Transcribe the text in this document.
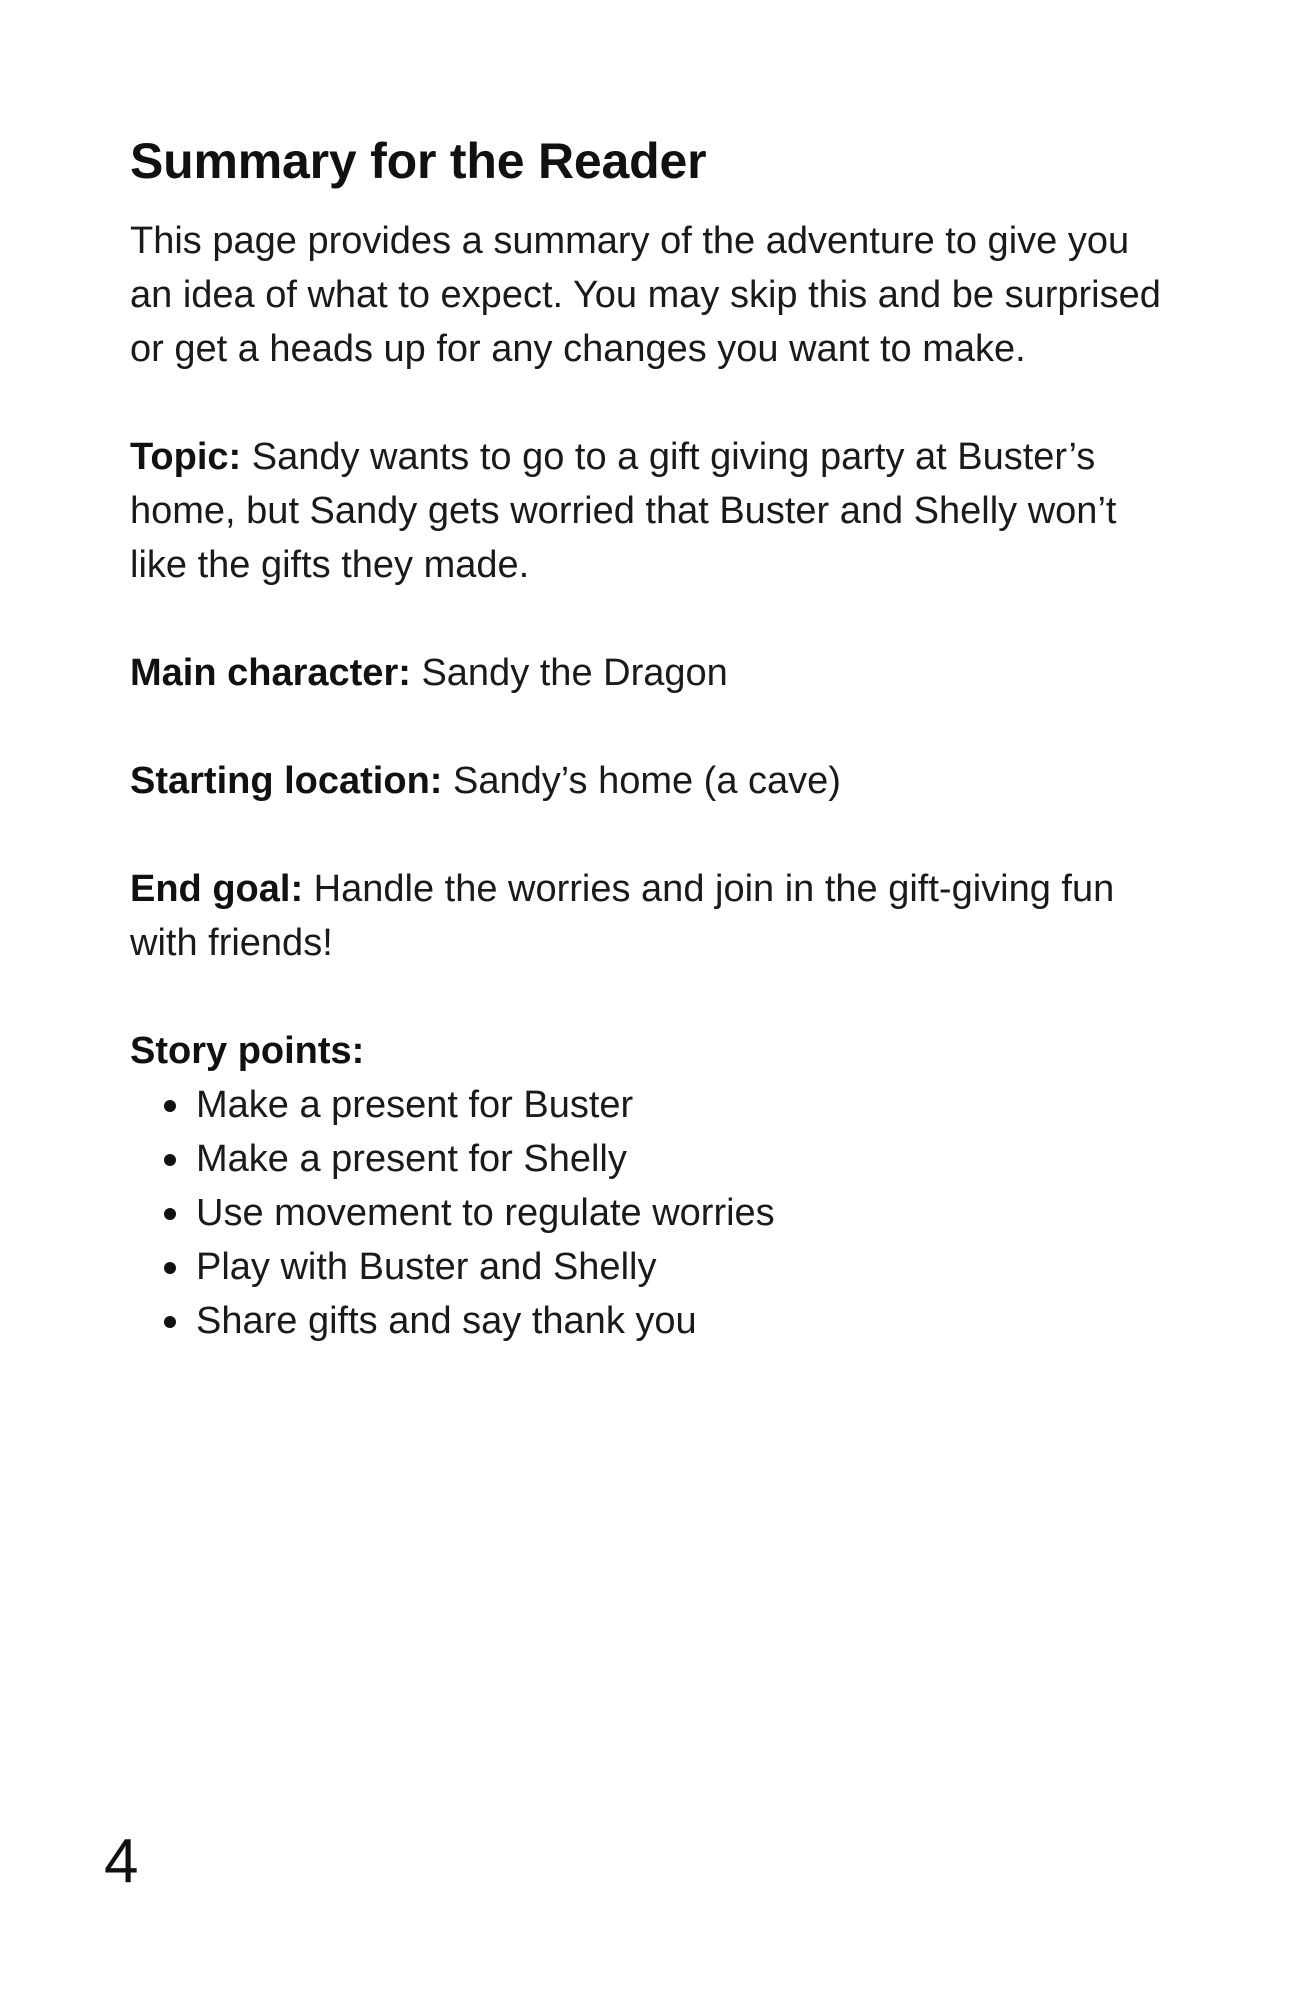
Summary for the Reader

This page provides a summary of the adventure to give you an idea of what to expect. You may skip this and be surprised or get a heads up for any changes you want to make.

Topic: Sandy wants to go to a gift giving party at Buster’s home, but Sandy gets worried that Buster and Shelly won’t like the gifts they made.

Main character: Sandy the Dragon

Starting location: Sandy’s home (a cave)

End goal: Handle the worries and join in the gift-giving fun with friends!

Story points:

Make a present for Buster
Make a present for Shelly
Use movement to regulate worries
Play with Buster and Shelly
Share gifts and say thank you
4
